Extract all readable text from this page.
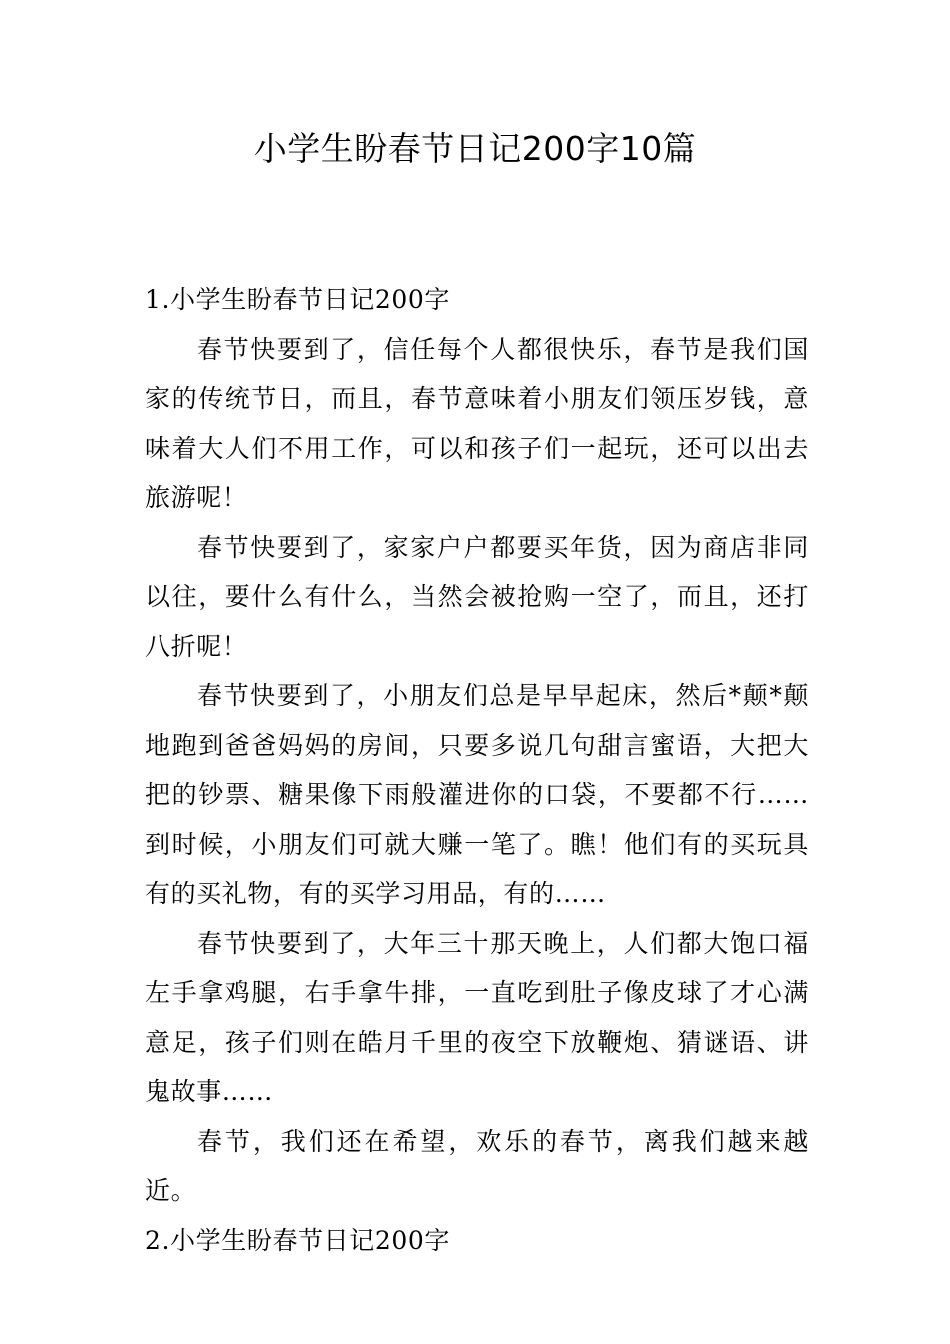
小学生盼春节日记200字10篇

1.小学生盼春节日记200字

春节快要到了，信任每个人都很快乐，春节是我们国家的传统节日，而且，春节意味着小朋友们领压岁钱，意味着大人们不用工作，可以和孩子们一起玩，还可以出去旅游呢！

春节快要到了，家家户户都要买年货，因为商店非同以往，要什么有什么，当然会被抢购一空了，而且，还打八折呢！

春节快要到了，小朋友们总是早早起床，然后*颠*颠地跑到爸爸妈妈的房间，只要多说几句甜言蜜语，大把大把的钞票、糖果像下雨般灌进你的口袋，不要都不行……到时候，小朋友们可就大赚一笔了。瞧！他们有的买玩具有的买礼物，有的买学习用品，有的……

春节快要到了，大年三十那天晚上，人们都大饱口福左手拿鸡腿，右手拿牛排，一直吃到肚子像皮球了才心满意足，孩子们则在皓月千里的夜空下放鞭炮、猜谜语、讲鬼故事……

春节，我们还在希望，欢乐的春节，离我们越来越近。

2.小学生盼春节日记200字
